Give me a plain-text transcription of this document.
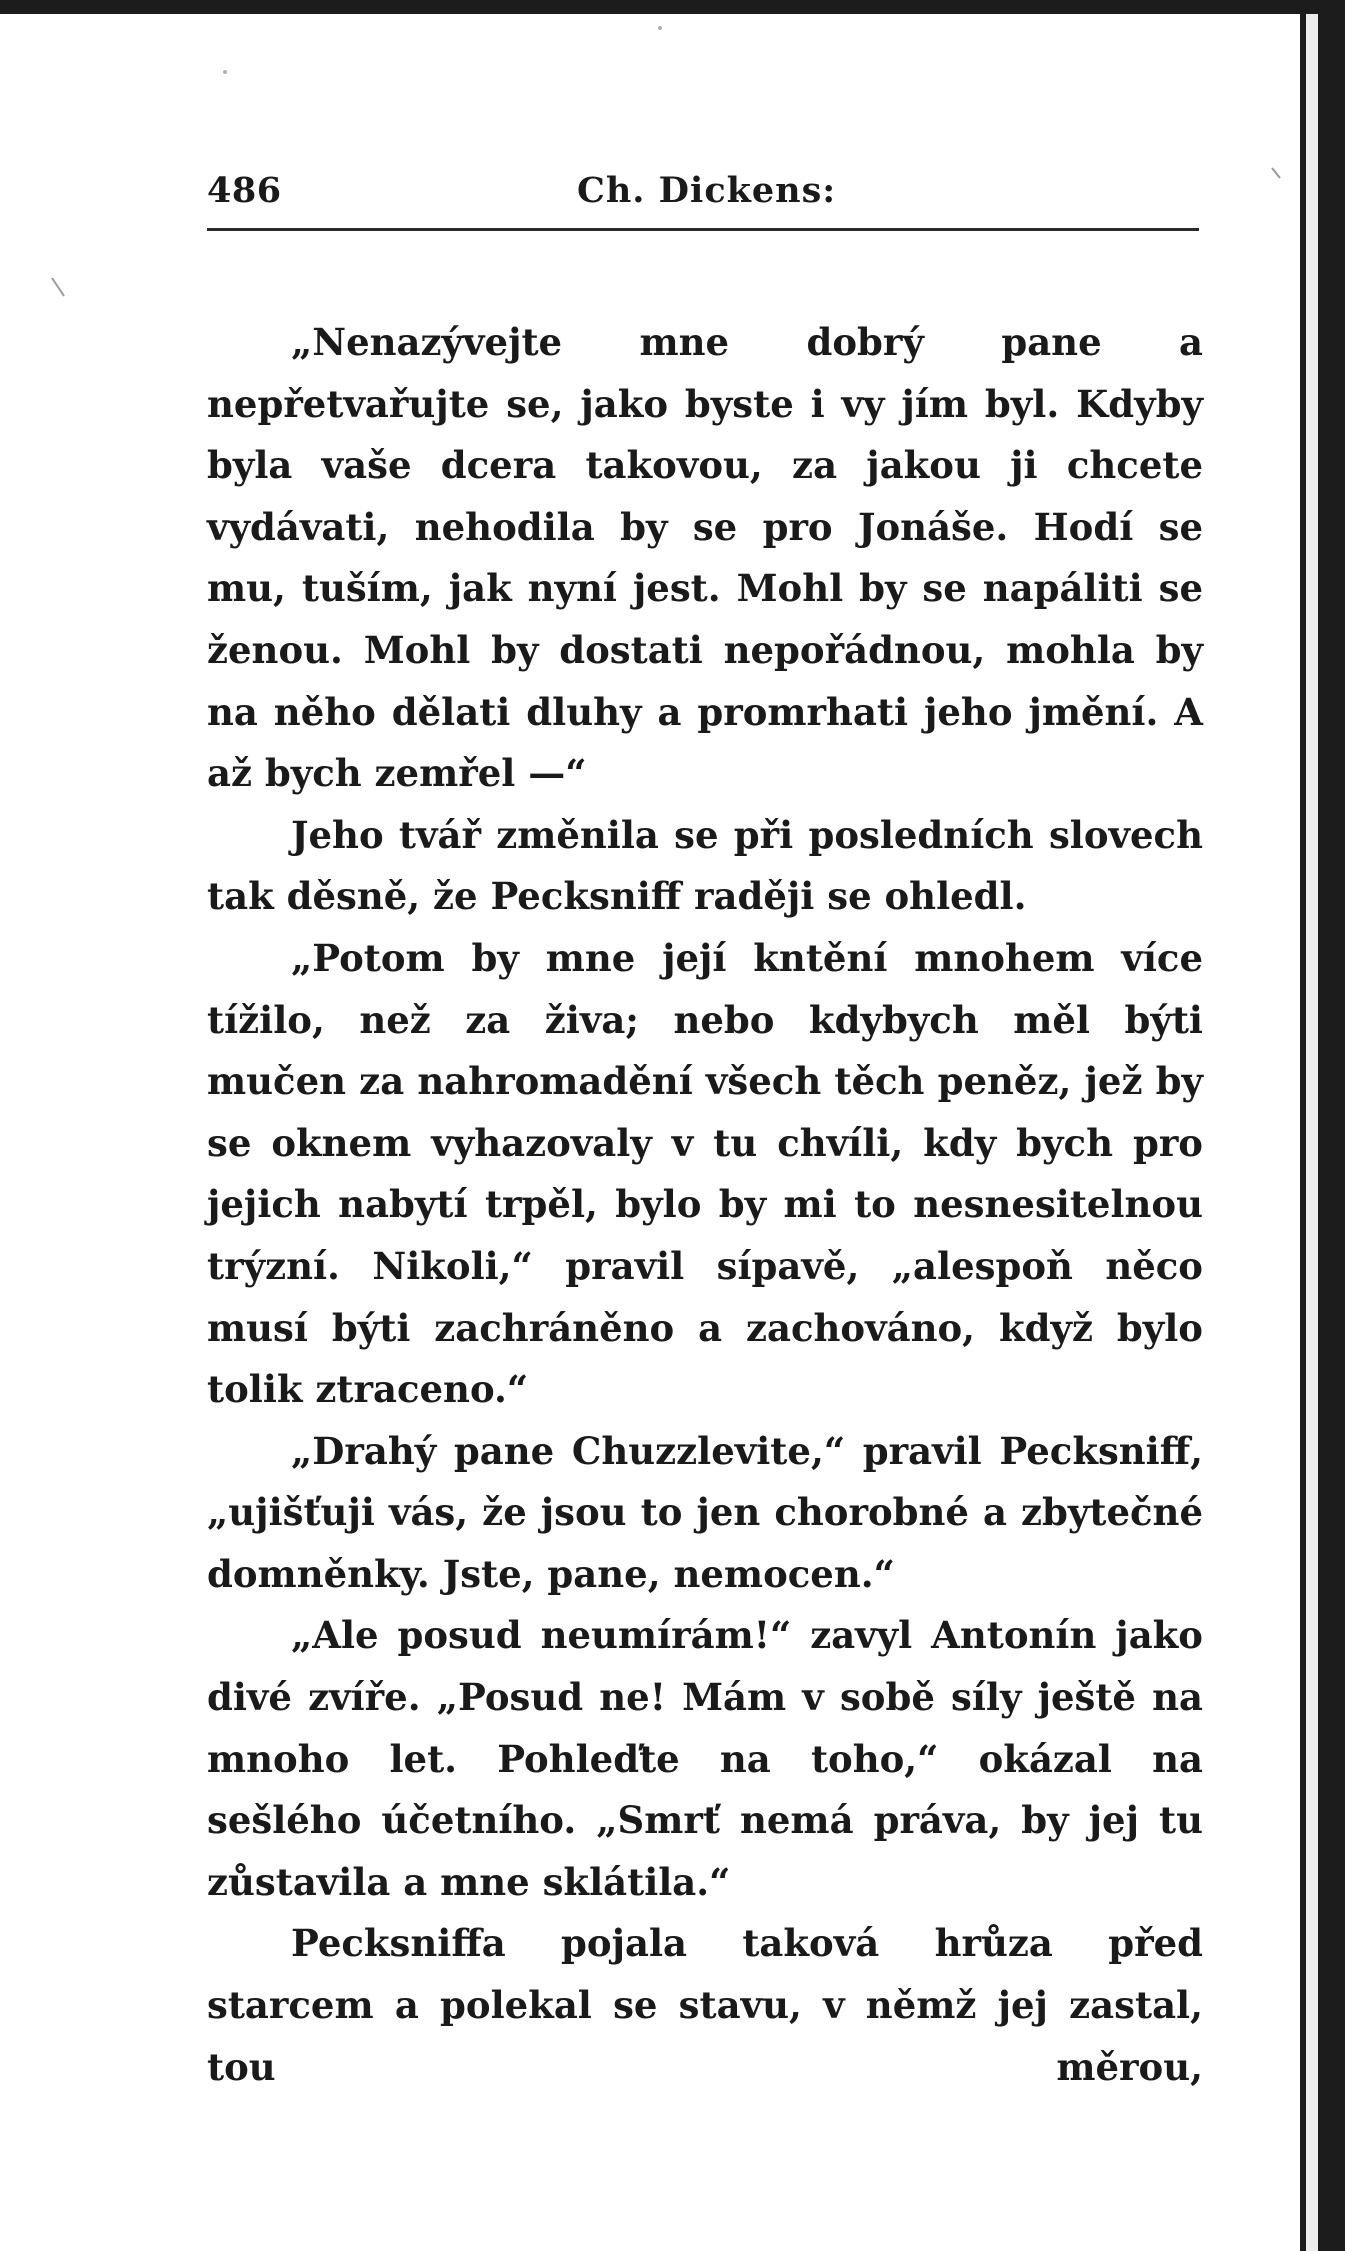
486	Ch. Dickens:

„Nenazývejte mne dobrý pane a nepřetvařujte se, jako byste i vy jím byl. Kdyby byla vaše dcera takovou, za jakou ji chcete vydávati, nehodila by se pro Jonáše. Hodí se mu, tuším, jak nyní jest. Mohl by se napáliti se ženou. Mohl by dostati nepořádnou, mohla by na něho dělati dluhy a promrhati jeho jmění. A až bych zemřel —“

Jeho tvář změnila se při posledních slovech tak děsně, že Pecksniff raději se ohledl.

„Potom by mne její kntění mnohem více tížilo, než za živa; nebo kdybych měl býti mučen za nahromadění všech těch peněz, jež by se oknem vyhazovaly v tu chvíli, kdy bych pro jejich nabytí trpěl, bylo by mi to nesnesitelnou trýzní. Nikoli,“ pravil sípavě, „alespoň něco musí býti zachráněno a zachováno, když bylo tolik ztraceno.“

„Drahý pane Chuzzlevite,“ pravil Pecksniff, „ujišťuji vás, že jsou to jen chorobné a zbytečné domněnky. Jste, pane, nemocen.“

„Ale posud neumírám!“ zavyl Antonín jako divé zvíře. „Posud ne! Mám v sobě síly ještě na mnoho let. Pohleďte na toho,“ okázal na sešlého účetního. „Smrť nemá práva, by jej tu zůstavila a mne sklátila.“

Pecksniffa pojala taková hrůza před starcem a polekal se stavu, v němž jej zastal, tou měrou,
